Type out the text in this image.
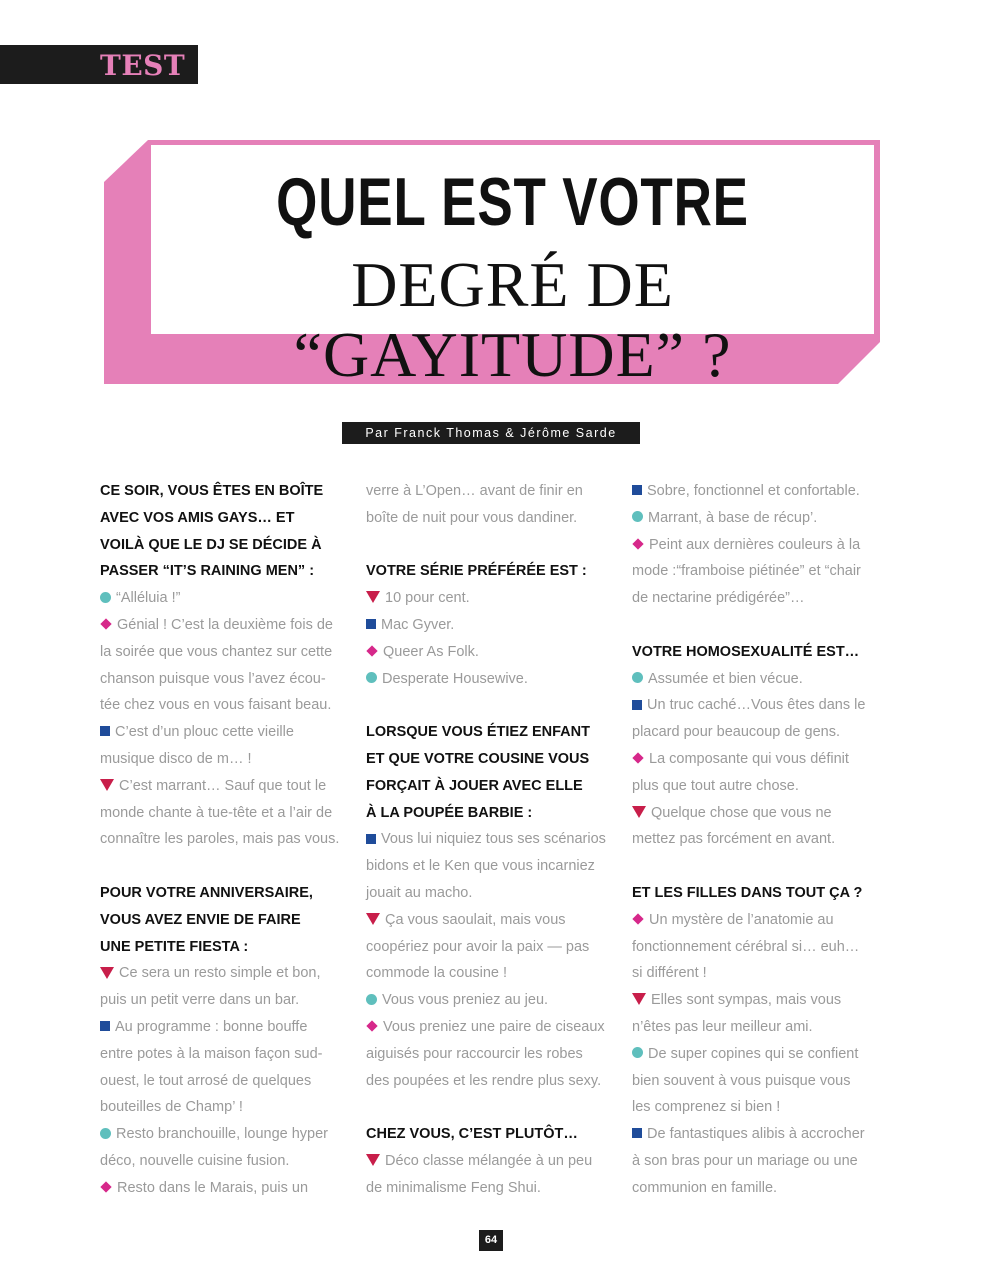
TEST
QUEL EST VOTRE
DEGRÉ DE “GAYITUDE” ?
Par Franck Thomas & Jérôme Sarde
CE SOIR, VOUS ÊTES EN BOÎTE
AVEC VOS AMIS GAYS… ET
VOILÀ QUE LE DJ SE DÉCIDE À
PASSER “IT’S RAINING MEN” :
“Alléluia !”
Génial ! C’est la deuxième fois de
la soirée que vous chantez sur cette
chanson puisque vous l’avez écou-
tée chez vous en vous faisant beau.
C’est d’un plouc cette vieille
musique disco de m… !
C’est marrant… Sauf que tout le
monde chante à tue-tête et a l’air de
connaître les paroles, mais pas vous.
POUR VOTRE ANNIVERSAIRE,
VOUS AVEZ ENVIE DE FAIRE
UNE PETITE FIESTA :
Ce sera un resto simple et bon,
puis un petit verre dans un bar.
Au programme : bonne bouffe
entre potes à la maison façon sud-
ouest, le tout arrosé de quelques
bouteilles de Champ’ !
Resto branchouille, lounge hyper
déco, nouvelle cuisine fusion.
Resto dans le Marais, puis un
verre à L’Open… avant de finir en
boîte de nuit pour vous dandiner.
VOTRE SÉRIE PRÉFÉRÉE EST :
10 pour cent.
Mac Gyver.
Queer As Folk.
Desperate Housewive.
LORSQUE VOUS ÉTIEZ ENFANT
ET QUE VOTRE COUSINE VOUS
FORÇAIT À JOUER AVEC ELLE
À LA POUPÉE BARBIE :
Vous lui niquiez tous ses scénarios
bidons et le Ken que vous incarniez
jouait au macho.
Ça vous saoulait, mais vous
coopériez pour avoir la paix — pas
commode la cousine !
Vous vous preniez au jeu.
Vous preniez une paire de ciseaux
aiguisés pour raccourcir les robes
des poupées et les rendre plus sexy.
CHEZ VOUS, C’EST PLUTÔT…
Déco classe mélangée à un peu
de minimalisme Feng Shui.
Sobre, fonctionnel et confortable.
Marrant, à base de récup’.
Peint aux dernières couleurs à la
mode :“framboise piétinée” et “chair
de nectarine prédigérée”…
VOTRE HOMOSEXUALITÉ EST…
Assumée et bien vécue.
Un truc caché…Vous êtes dans le
placard pour beaucoup de gens.
La composante qui vous définit
plus que tout autre chose.
Quelque chose que vous ne
mettez pas forcément en avant.
ET LES FILLES DANS TOUT ÇA ?
Un mystère de l’anatomie au
fonctionnement cérébral si… euh…
si différent !
Elles sont sympas, mais vous
n’êtes pas leur meilleur ami.
De super copines qui se confient
bien souvent à vous puisque vous
les comprenez si bien !
De fantastiques alibis à accrocher
à son bras pour un mariage ou une
communion en famille.
64
